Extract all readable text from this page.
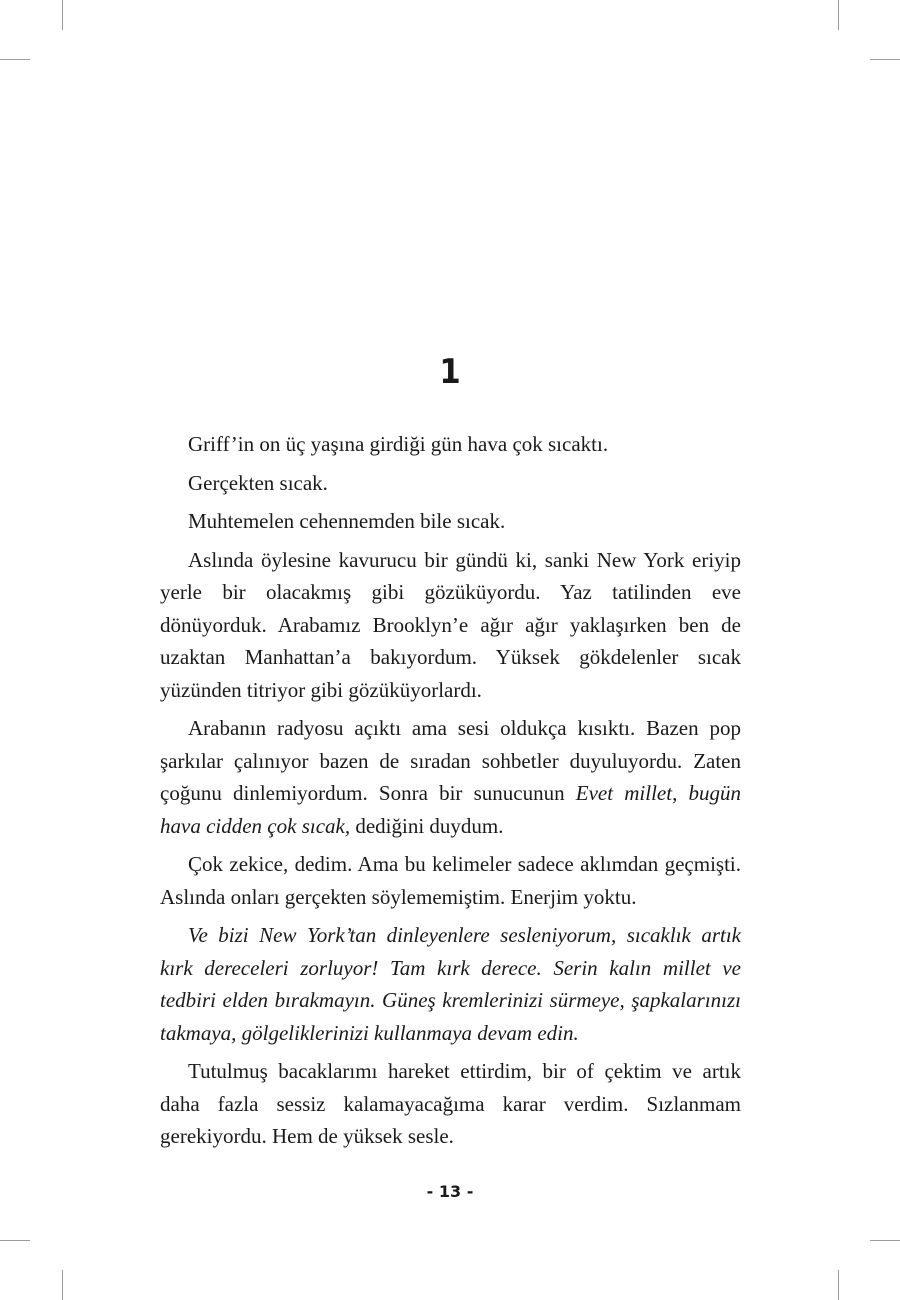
1

Griff’in on üç yaşına girdiği gün hava çok sıcaktı.

Gerçekten sıcak.

Muhtemelen cehennemden bile sıcak.

Aslında öylesine kavurucu bir gündü ki, sanki New York eriyip yerle bir olacakmış gibi gözüküyordu. Yaz tatilinden eve dönüyorduk. Arabamız Brooklyn’e ağır ağır yaklaşırken ben de uzaktan Manhattan’a bakıyordum. Yüksek gökdelenler sıcak yüzünden titriyor gibi gözüküyorlardı.

Arabanın radyosu açıktı ama sesi oldukça kısıktı. Bazen pop şarkılar çalınıyor bazen de sıradan sohbetler duyuluyordu. Zaten çoğunu dinlemiyordum. Sonra bir sunucunun Evet millet, bugün hava cidden çok sıcak, dediğini duydum.

Çok zekice, dedim. Ama bu kelimeler sadece aklımdan geçmişti. Aslında onları gerçekten söylememiştim. Enerjim yoktu.

Ve bizi New York’tan dinleyenlere sesleniyorum, sıcaklık artık kırk dereceleri zorluyor! Tam kırk derece. Serin kalın millet ve tedbiri elden bırakmayın. Güneş kremlerinizi sürmeye, şapkalarınızı takmaya, gölgeliklerinizi kullanmaya devam edin.

Tutulmuş bacaklarımı hareket ettirdim, bir of çektim ve artık daha fazla sessiz kalamayacağıma karar verdim. Sızlanmam gerekiyordu. Hem de yüksek sesle.

- 13 -
